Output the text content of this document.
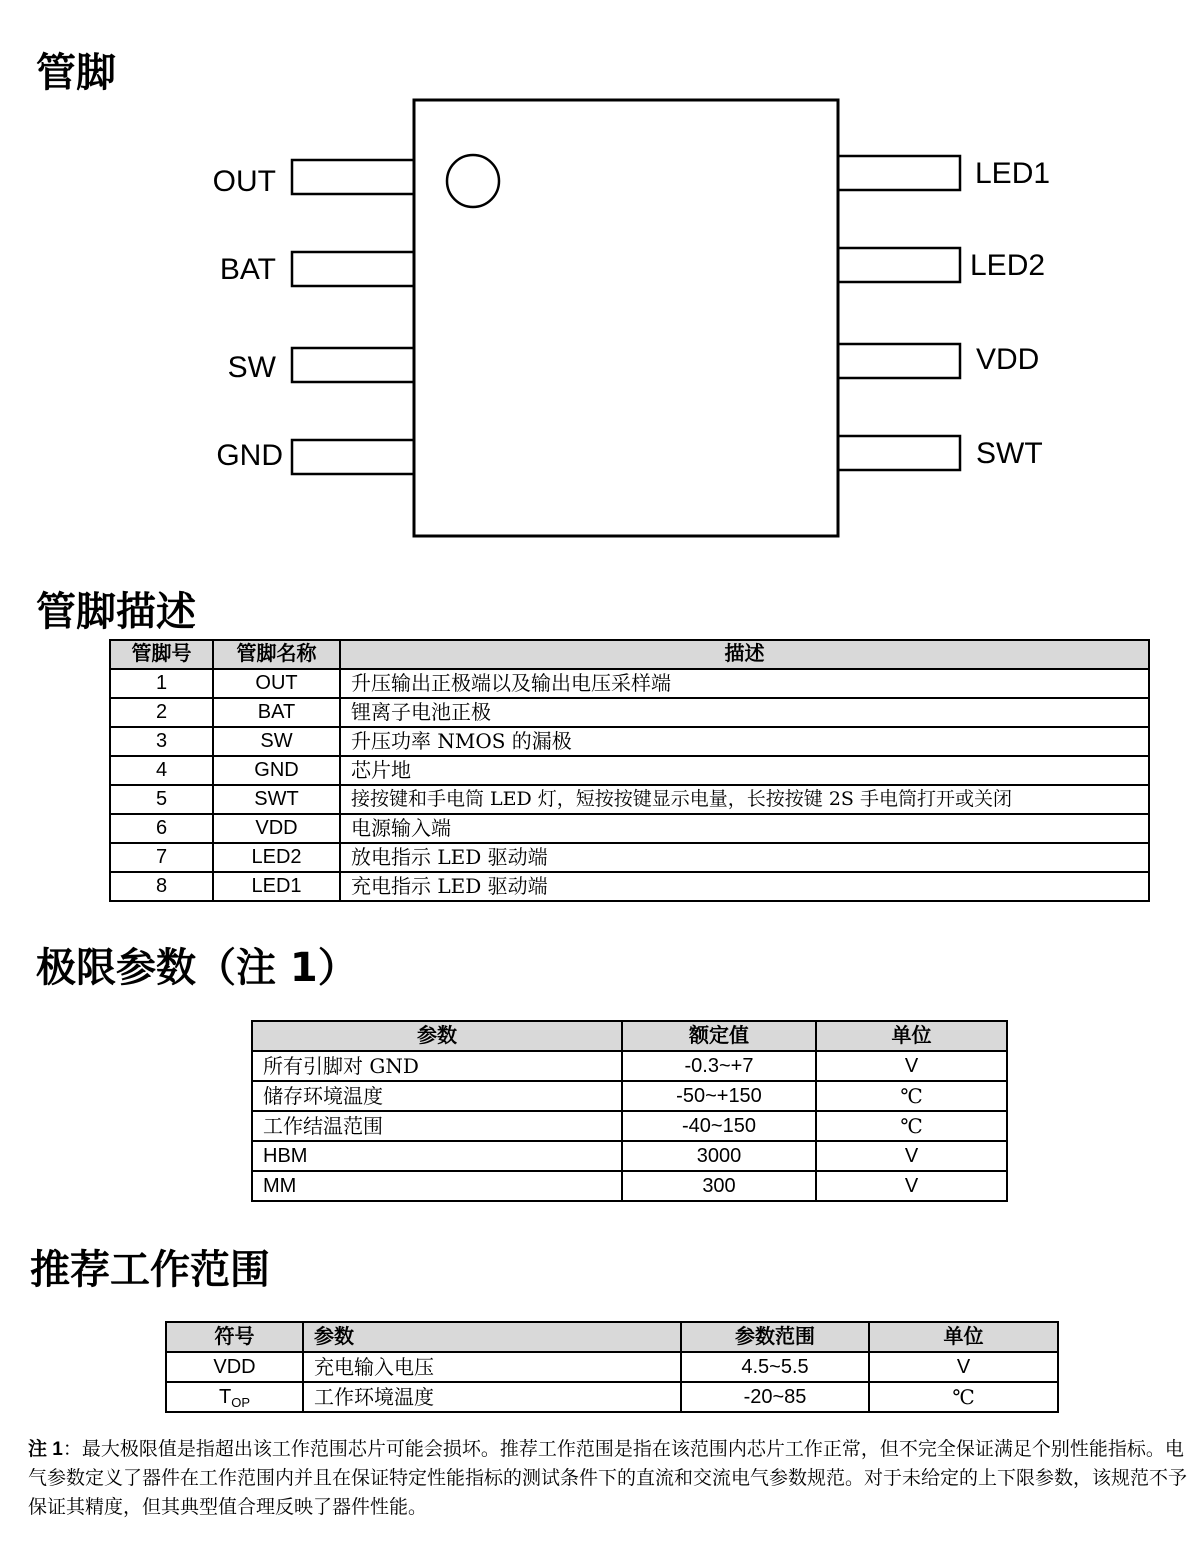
管脚
OUT
BAT
SW
GND
LED1
LED2
VDD
SWT
管脚描述
管脚号	管脚名称	描述
1	OUT	升压输出正极端以及输出电压采样端
2	BAT	锂离子电池正极
3	SW	升压功率 NMOS 的漏极
4	GND	芯片地
5	SWT	接按键和手电筒 LED 灯，短按按键显示电量，长按按键 2S 手电筒打开或关闭
6	VDD	电源输入端
7	LED2	放电指示 LED 驱动端
8	LED1	充电指示 LED 驱动端
极限参数（注 1）
参数	额定值	单位
所有引脚对 GND	-0.3~+7	V
储存环境温度	-50~+150	℃
工作结温范围	-40~150	℃
HBM	3000	V
MM	300	V
推荐工作范围
符号	参数	参数范围	单位
VDD	充电输入电压	4.5~5.5	V
$T_{OP}$	工作环境温度	-20~85	℃

注 1：最大极限值是指超出该工作范围芯片可能会损坏。推荐工作范围是指在该范围内芯片工作正常，但不完全保证满足个别性能指标。电气参数定义了器件在工作范围内并且在保证特定性能指标的测试条件下的直流和交流电气参数规范。对于未给定的上下限参数，该规范不予保证其精度，但其典型值合理反映了器件性能。
